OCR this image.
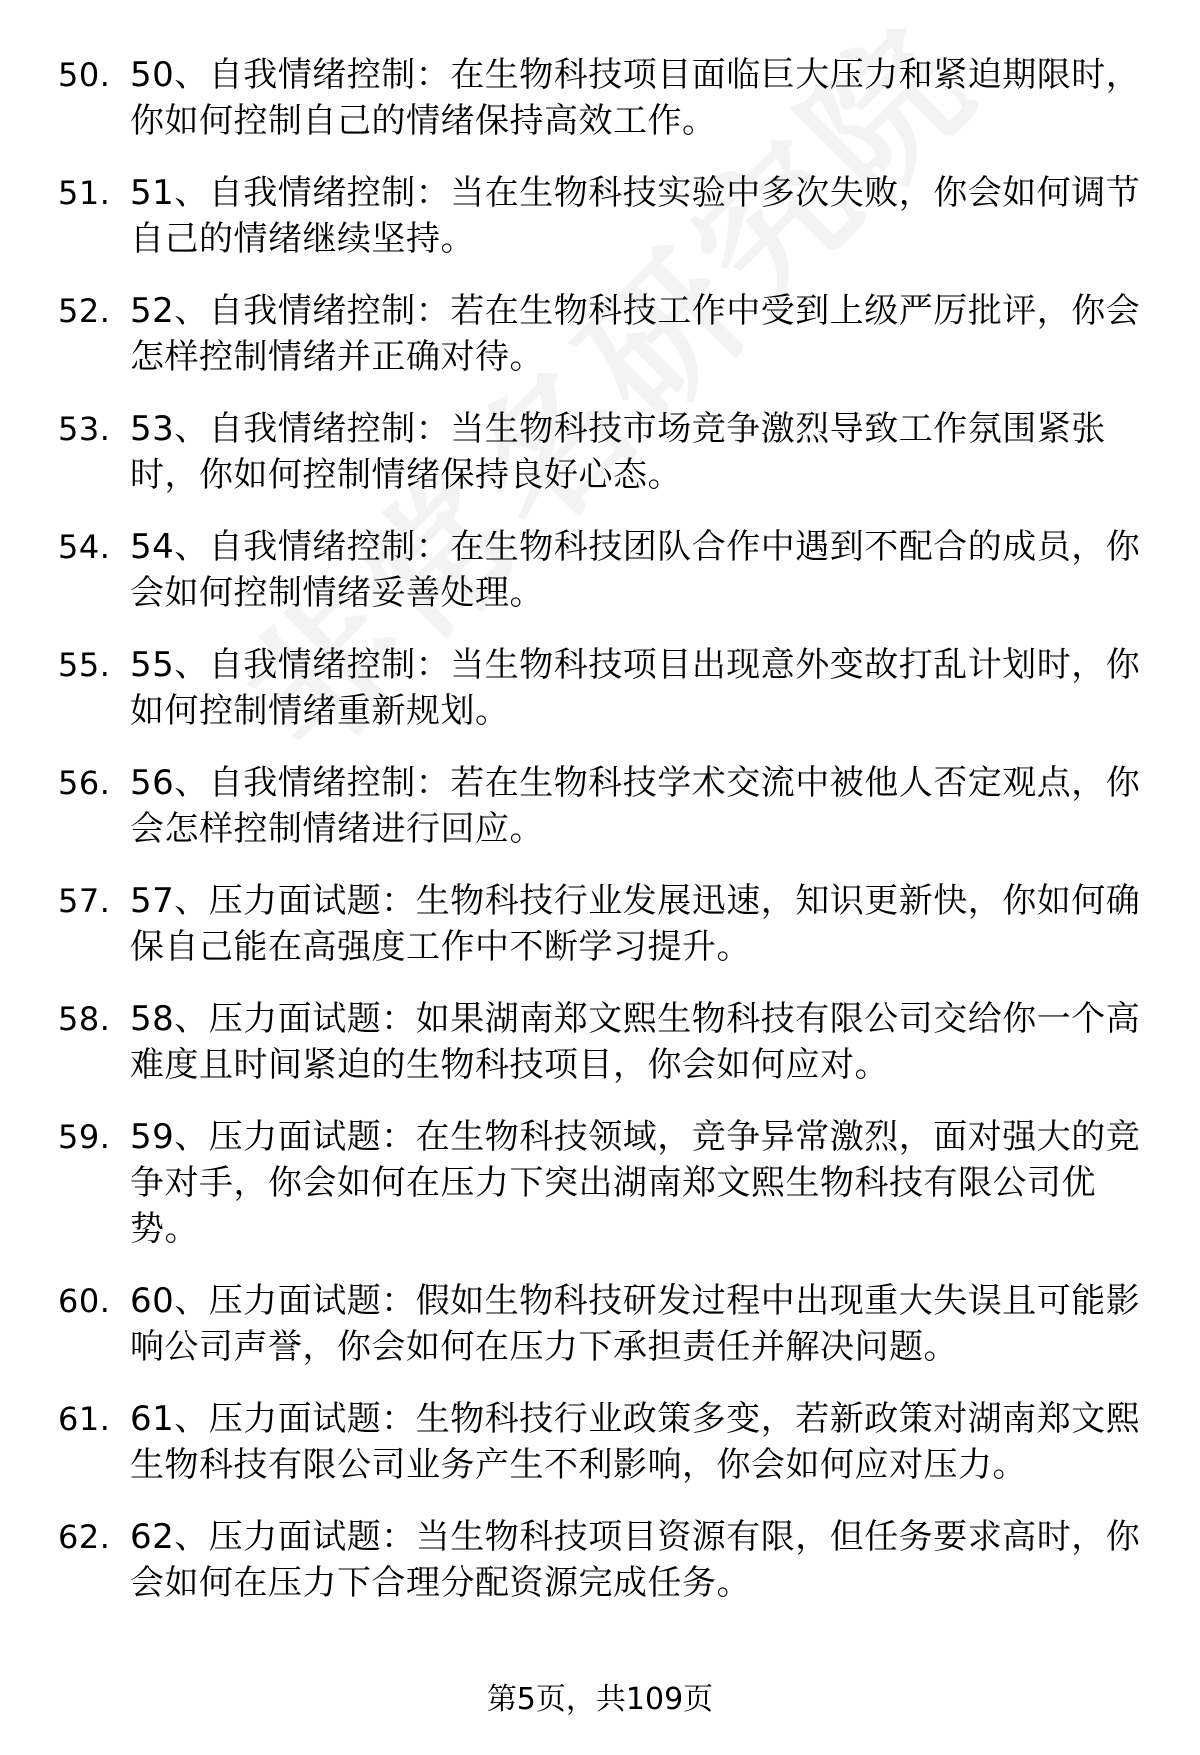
50. 50、自我情绪控制：在生物科技项目面临巨大压力和紧迫期限时，你如何控制自己的情绪保持高效工作。
51. 51、自我情绪控制：当在生物科技实验中多次失败，你会如何调节自己的情绪继续坚持。
52. 52、自我情绪控制：若在生物科技工作中受到上级严厉批评，你会怎样控制情绪并正确对待。
53. 53、自我情绪控制：当生物科技市场竞争激烈导致工作氛围紧张时，你如何控制情绪保持良好心态。
54. 54、自我情绪控制：在生物科技团队合作中遇到不配合的成员，你会如何控制情绪妥善处理。
55. 55、自我情绪控制：当生物科技项目出现意外变故打乱计划时，你如何控制情绪重新规划。
56. 56、自我情绪控制：若在生物科技学术交流中被他人否定观点，你会怎样控制情绪进行回应。
57. 57、压力面试题：生物科技行业发展迅速，知识更新快，你如何确保自己能在高强度工作中不断学习提升。
58. 58、压力面试题：如果湖南郑文熙生物科技有限公司交给你一个高难度且时间紧迫的生物科技项目，你会如何应对。
59. 59、压力面试题：在生物科技领域，竞争异常激烈，面对强大的竞争对手，你会如何在压力下突出湖南郑文熙生物科技有限公司优势。
60. 60、压力面试题：假如生物科技研发过程中出现重大失误且可能影响公司声誉，你会如何在压力下承担责任并解决问题。
61. 61、压力面试题：生物科技行业政策多变，若新政策对湖南郑文熙生物科技有限公司业务产生不利影响，你会如何应对压力。
62. 62、压力面试题：当生物科技项目资源有限，但任务要求高时，你会如何在压力下合理分配资源完成任务。
第5页，共109页
